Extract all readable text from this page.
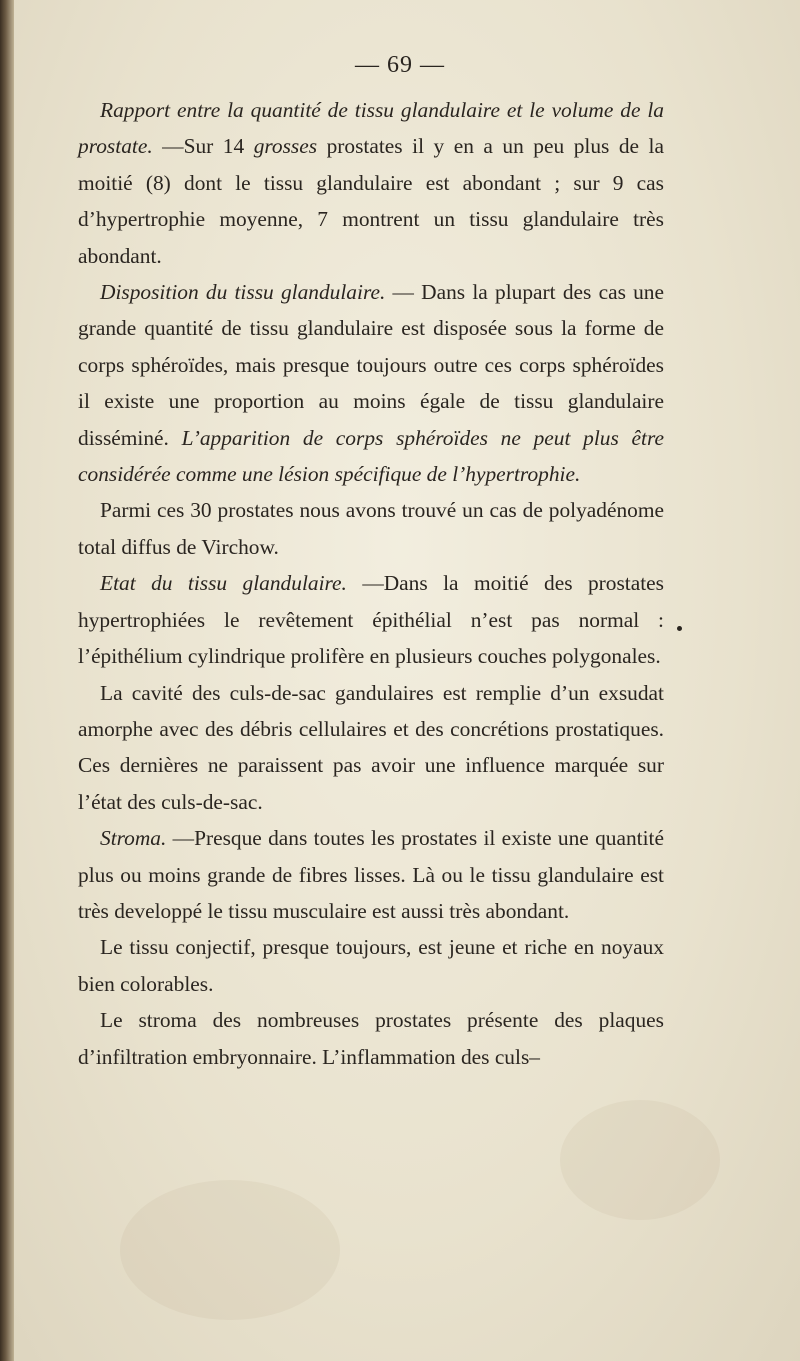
— 69 —

Rapport entre la quantité de tissu glandulaire et le volume de la prostate. —Sur 14 grosses prostates il y en a un peu plus de la moitié (8) dont le tissu glandulaire est abondant ; sur 9 cas d’hypertrophie moyenne, 7 montrent un tissu glandulaire très abondant.

Disposition du tissu glandulaire. — Dans la plupart des cas une grande quantité de tissu glandulaire est disposée sous la forme de corps sphéroïdes, mais presque toujours outre ces corps sphéroïdes il existe une proportion au moins égale de tissu glandulaire disséminé. L’apparition de corps sphéroïdes ne peut plus être considérée comme une lésion spécifique de l’hypertrophie.

Parmi ces 30 prostates nous avons trouvé un cas de polyadénome total diffus de Virchow.

Etat du tissu glandulaire. —Dans la moitié des prostates hypertrophiées le revêtement épithélial n’est pas normal : l’épithélium cylindrique prolifère en plusieurs couches polygonales.

La cavité des culs-de-sac gandulaires est remplie d’un exsudat amorphe avec des débris cellulaires et des concrétions prostatiques. Ces dernières ne paraissent pas avoir une influence marquée sur l’état des culs-de-sac.

Stroma. —Presque dans toutes les prostates il existe une quantité plus ou moins grande de fibres lisses. Là ou le tissu glandulaire est très developpé le tissu musculaire est aussi très abondant.

Le tissu conjectif, presque toujours, est jeune et riche en noyaux bien colorables.

Le stroma des nombreuses prostates présente des plaques d’infiltration embryonnaire. L’inflammation des culs–
